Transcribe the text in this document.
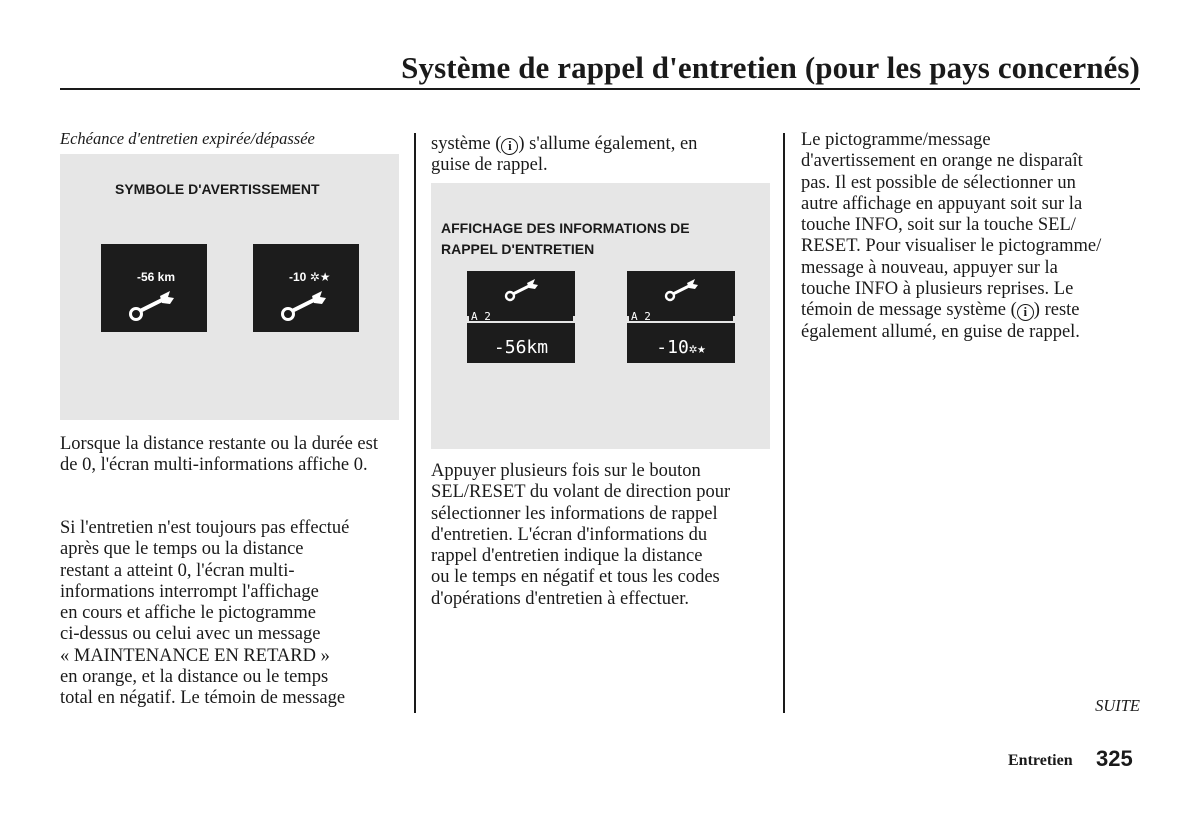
Système de rappel d'entretien (pour les pays concernés)
Echéance d'entretien expirée/dépassée
SYMBOLE D'AVERTISSEMENT
-56 km	-10 ✲★
Lorsque la distance restante ou la durée est de 0, l'écran multi-informations affiche 0.
Si l'entretien n'est toujours pas effectué
après que le temps ou la distance
restant a atteint 0, l'écran multi-
informations interrompt l'affichage
en cours et affiche le pictogramme
ci-dessus ou celui avec un message
« MAINTENANCE EN RETARD »
en orange, et la distance ou le temps
total en négatif. Le témoin de message
système ( i ) s'allume également, en
guise de rappel.
AFFICHAGE DES INFORMATIONS DE
RAPPEL D'ENTRETIEN
A 2
-56km
A 2
-10✲★
Appuyer plusieurs fois sur le bouton
SEL/RESET du volant de direction pour
sélectionner les informations de rappel
d'entretien. L'écran d'informations du
rappel d'entretien indique la distance
ou le temps en négatif et tous les codes
d'opérations d'entretien à effectuer.
Le pictogramme/message
d'avertissement en orange ne disparaît
pas. Il est possible de sélectionner un
autre affichage en appuyant soit sur la
touche INFO, soit sur la touche SEL/
RESET. Pour visualiser le pictogramme/
message à nouveau, appuyer sur la
touche INFO à plusieurs reprises. Le
témoin de message système ( i ) reste
également allumé, en guise de rappel.
SUITE
Entretien 325
